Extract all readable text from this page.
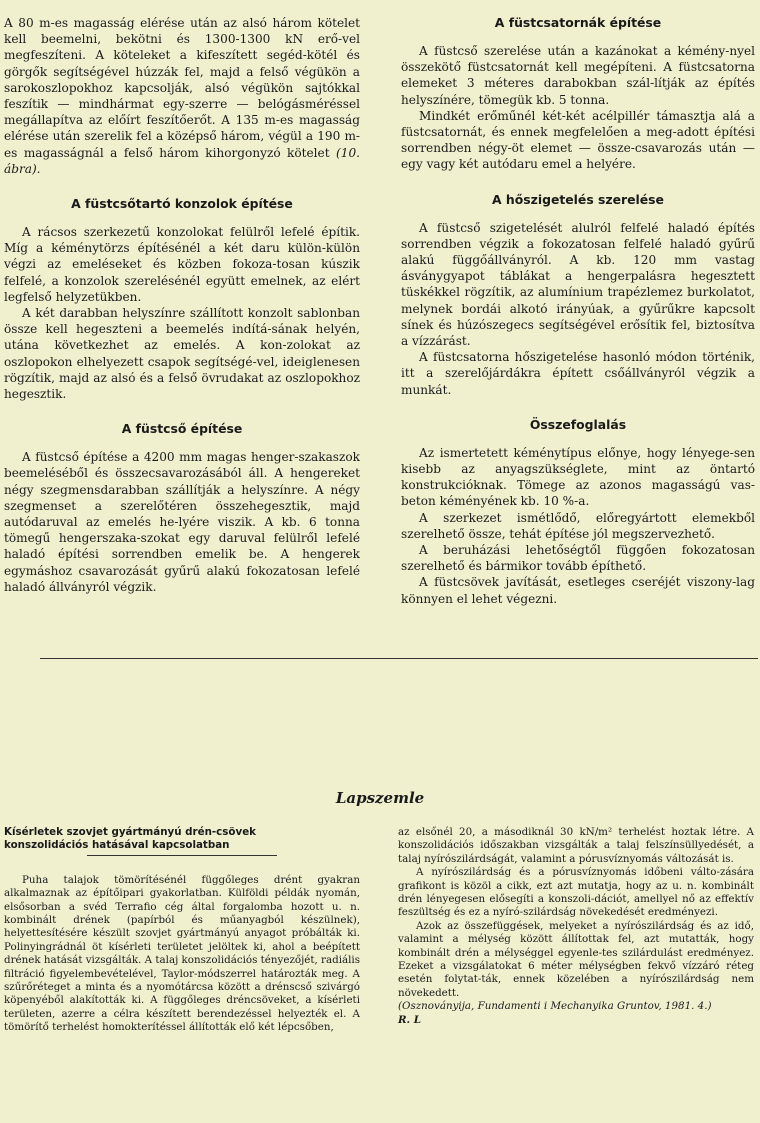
A 80 m-es magasság elérése után az alsó három kötelet kell beemelni, bekötni és 1300-1300 kN erő-vel megfeszíteni. A köteleket a kifeszített segéd-kötél és görgők segítségével húzzák fel, majd a felső végükön a sarokoszlopokhoz kapcsolják, alsó végükön sajtókkal feszítik — mindhármat egy-szerre — belógásméréssel megállapítva az előírt feszítőerőt. A 135 m-es magasság elérése után szerelik fel a középső három, végül a 190 m-es magasságnál a felső három kihorgonyzó kötelet (10. ábra).

A füstcsőtartó konzolok építése

A rácsos szerkezetű konzolokat felülről lefelé építik. Míg a kéménytörzs építésénél a két daru külön-külön végzi az emeléseket és közben fokoza-tosan kúszik felfelé, a konzolok szerelésénél együtt emelnek, az elért legfelső helyzetükben.

A két darabban helyszínre szállított konzolt sablonban össze kell hegeszteni a beemelés indítá-sának helyén, utána következhet az emelés. A kon-zolokat az oszlopokon elhelyezett csapok segítségé-vel, ideiglenesen rögzítik, majd az alsó és a felső övrudakat az oszlopokhoz hegesztik.

A füstcső építése

A füstcső építése a 4200 mm magas henger-szakaszok beemeléséből és összecsavarozásából áll. A hengereket négy szegmensdarabban szállítják a helyszínre. A négy szegmenset a szerelőtéren összehegesztik, majd autódaruval az emelés he-lyére viszik. A kb. 6 tonna tömegű hengerszaka-szokat egy daruval felülről lefelé haladó építési sorrendben emelik be. A hengerek egymáshoz csavarozását gyűrű alakú fokozatosan lefelé haladó állványról végzik.

A füstcsatornák építése

A füstcső szerelése után a kazánokat a kémény-nyel összekötő füstcsatornát kell megépíteni. A füstcsatorna elemeket 3 méteres darabokban szál-lítják az építés helyszínére, tömegük kb. 5 tonna.

Mindkét erőműnél két-két acélpillér támasztja alá a füstcsatornát, és ennek megfelelően a meg-adott építési sorrendben négy-öt elemet — össze-csavarozás után — egy vagy két autódaru emel a helyére.

A hőszigetelés szerelése

A füstcső szigetelését alulról felfelé haladó építés sorrendben végzik a fokozatosan felfelé haladó gyűrű alakú függőállványról. A kb. 120 mm vastag ásványgyapot táblákat a hengerpalásra hegesztett tüskékkel rögzítik, az alumínium trapézlemez burkolatot, melynek bordái alkotó irányúak, a gyűrűkre kapcsolt sínek és húzószegecs segítségével erősítik fel, biztosítva a vízzárást.

A füstcsatorna hőszigetelése hasonló módon történik, itt a szerelőjárdákra épített csőállványról végzik a munkát.

Összefoglalás

Az ismertetett kéménytípus előnye, hogy lényege-sen kisebb az anyagszükséglete, mint az öntartó konstrukcióknak. Tömege az azonos magasságú vas-beton kéményének kb. 10 %-a.

A szerkezet ismétlődő, előregyártott elemekből szerelhető össze, tehát építése jól megszervezhető.

A beruházási lehetőségtől függően fokozatosan szerelhető és bármikor tovább építhető.

A füstcsövek javítását, esetleges cseréjét viszony-lag könnyen el lehet végezni.

Lapszemle

Kísérletek szovjet gyártmányú drén-csövek

konszolidációs hatásával kapcsolatban

Puha talajok tömörítésénél függőleges drént gyakran alkalmaznak az építőipari gyakorlatban. Külföldi példák nyomán, elsősorban a svéd Terrafio cég által forgalomba hozott u. n. kombinált drének (papírból és műanyagból készülnek), helyettesítésére készült szovjet gyártmányú anyagot próbálták ki. Polinyingrádnál öt kísérleti területet jelöltek ki, ahol a beépített drének hatását vizsgálták. A talaj konszolidációs tényezőjét, radiális filtráció figyelembevételével, Taylor-módszerrel határozták meg. A szűrőréteget a minta és a nyomótárcsa között a drénscső szivárgó köpenyéből alakították ki. A függőleges dréncsöveket, a kísérleti területen, azerre a célra készített berendezéssel helyezték el. A tömörítő terhelést homokterítéssel állították elő két lépcsőben,

az elsőnél 20, a másodiknál 30 kN/m² terhelést hoztak létre. A konszolidációs időszakban vizsgálták a talaj felszínsüllyedését, a talaj nyírószilárdságát, valamint a pórusvíznyomás változását is.

A nyírószilárdság és a pórusvíznyomás időbeni válto-zására grafikont is közöl a cikk, ezt azt mutatja, hogy az u. n. kombinált drén lényegesen elősegíti a konszoli-dációt, amellyel nő az effektív feszültség és ez a nyíró-szilárdság növekedését eredményezi.

Azok az összefüggések, melyeket a nyírószilárdság és az idő, valamint a mélység között állítottak fel, azt mutatták, hogy kombinált drén a mélységgel egyenle-tes szilárdulást eredményez. Ezeket a vizsgálatokat 6 méter mélységben fekvő vízzáró réteg esetén folytat-ták, ennek közelében a nyírószilárdság nem növekedett.

(Osznoványija, Fundamenti i Mechanyika Gruntov, 1981. 4.)

R. L
